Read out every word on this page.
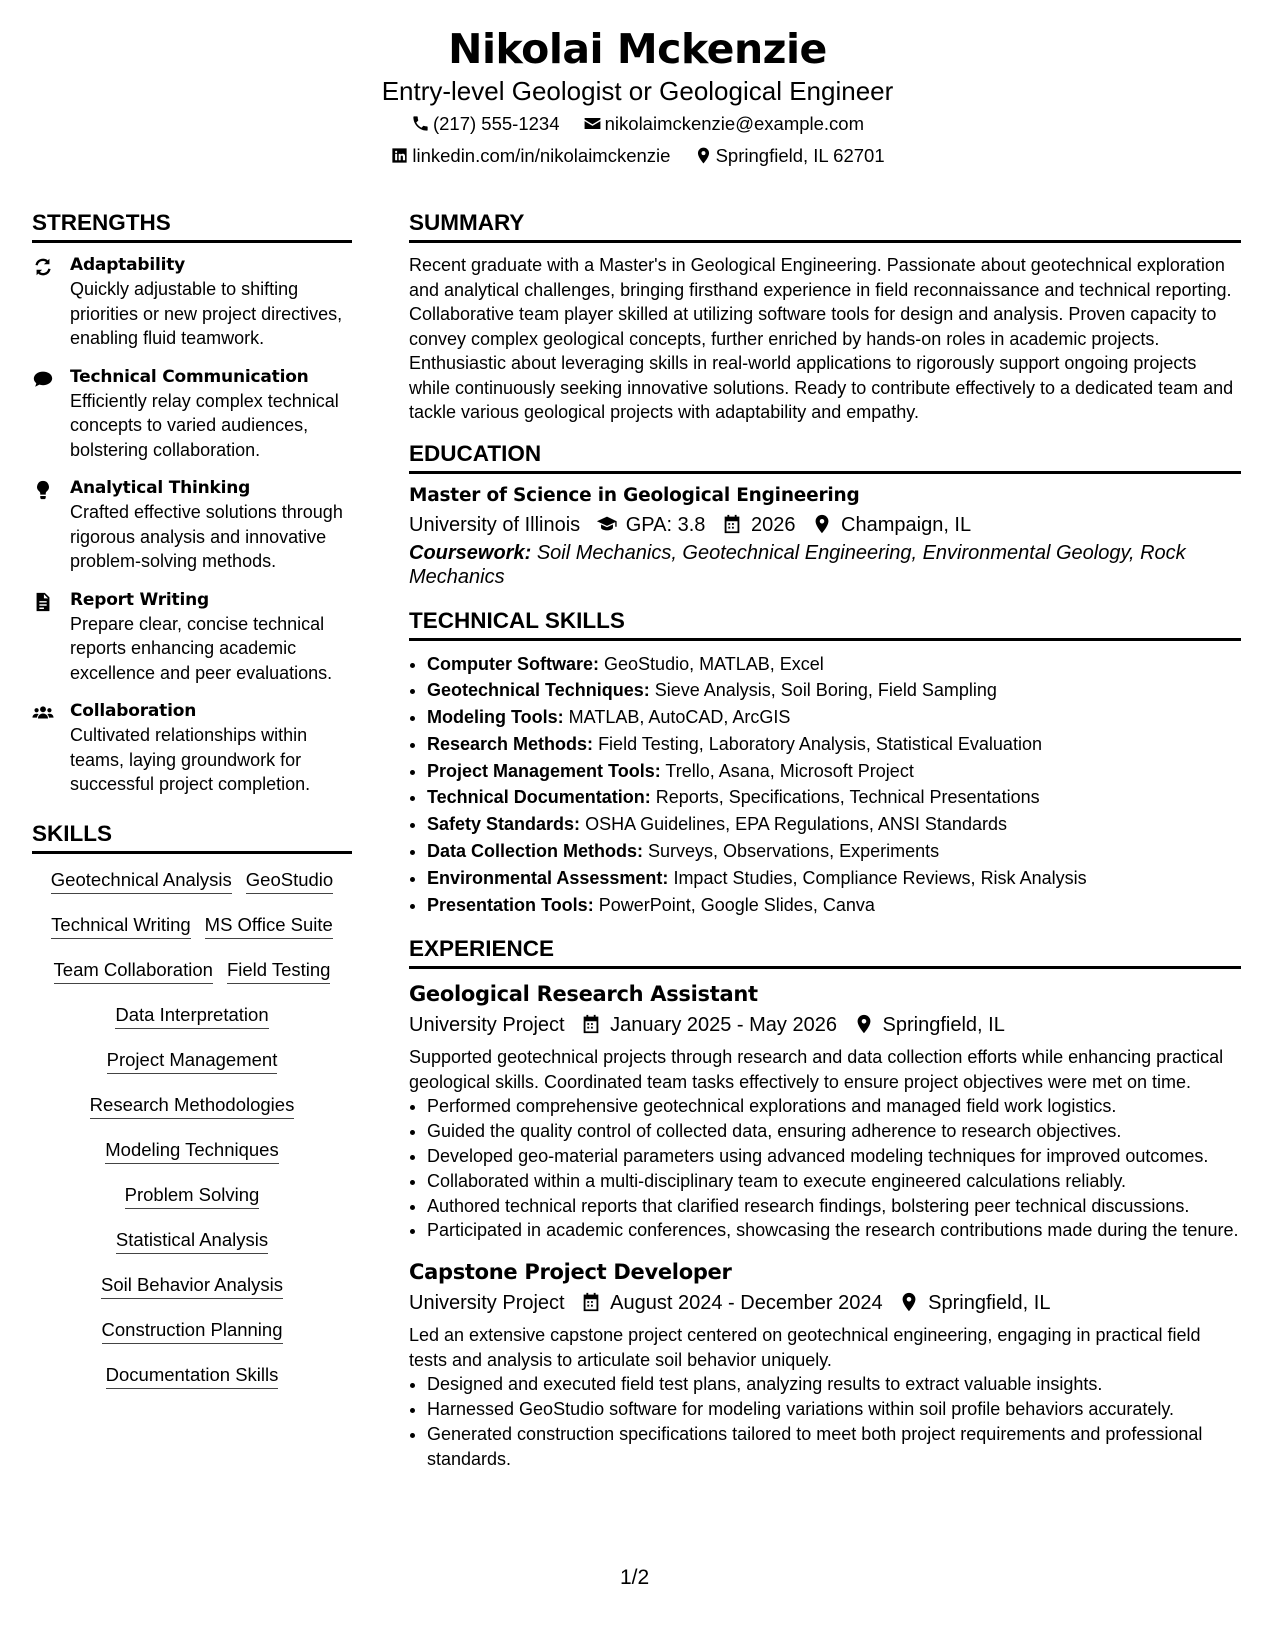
Nikolai Mckenzie
Entry-level Geologist or Geological Engineer
(217) 555-1234 nikolaimckenzie@example.com
linkedin.com/in/nikolaimckenzie Springfield, IL 62701
STRENGTHS
Adaptability
Quickly adjustable to shifting priorities or new project directives, enabling fluid teamwork.
Technical Communication
Efficiently relay complex technical concepts to varied audiences, bolstering collaboration.
Analytical Thinking
Crafted effective solutions through rigorous analysis and innovative problem-solving methods.
Report Writing
Prepare clear, concise technical reports enhancing academic excellence and peer evaluations.
Collaboration
Cultivated relationships within teams, laying groundwork for successful project completion.
SKILLS
Geotechnical Analysis GeoStudio
Technical Writing MS Office Suite
Team Collaboration Field Testing
Data Interpretation
Project Management
Research Methodologies
Modeling Techniques
Problem Solving
Statistical Analysis
Soil Behavior Analysis
Construction Planning
Documentation Skills
SUMMARY
Recent graduate with a Master's in Geological Engineering. Passionate about geotechnical exploration and analytical challenges, bringing firsthand experience in field reconnaissance and technical reporting. Collaborative team player skilled at utilizing software tools for design and analysis. Proven capacity to convey complex geological concepts, further enriched by hands-on roles in academic projects. Enthusiastic about leveraging skills in real-world applications to rigorously support ongoing projects while continuously seeking innovative solutions. Ready to contribute effectively to a dedicated team and tackle various geological projects with adaptability and empathy.
EDUCATION
Master of Science in Geological Engineering
University of Illinois GPA: 3.8 2026 Champaign, IL
Coursework: Soil Mechanics, Geotechnical Engineering, Environmental Geology, Rock Mechanics
TECHNICAL SKILLS
• Computer Software: GeoStudio, MATLAB, Excel
• Geotechnical Techniques: Sieve Analysis, Soil Boring, Field Sampling
• Modeling Tools: MATLAB, AutoCAD, ArcGIS
• Research Methods: Field Testing, Laboratory Analysis, Statistical Evaluation
• Project Management Tools: Trello, Asana, Microsoft Project
• Technical Documentation: Reports, Specifications, Technical Presentations
• Safety Standards: OSHA Guidelines, EPA Regulations, ANSI Standards
• Data Collection Methods: Surveys, Observations, Experiments
• Environmental Assessment: Impact Studies, Compliance Reviews, Risk Analysis
• Presentation Tools: PowerPoint, Google Slides, Canva
EXPERIENCE
Geological Research Assistant
University Project January 2025 - May 2026 Springfield, IL
Supported geotechnical projects through research and data collection efforts while enhancing practical geological skills. Coordinated team tasks effectively to ensure project objectives were met on time.
• Performed comprehensive geotechnical explorations and managed field work logistics.
• Guided the quality control of collected data, ensuring adherence to research objectives.
• Developed geo-material parameters using advanced modeling techniques for improved outcomes.
• Collaborated within a multi-disciplinary team to execute engineered calculations reliably.
• Authored technical reports that clarified research findings, bolstering peer technical discussions.
• Participated in academic conferences, showcasing the research contributions made during the tenure.
Capstone Project Developer
University Project August 2024 - December 2024 Springfield, IL
Led an extensive capstone project centered on geotechnical engineering, engaging in practical field tests and analysis to articulate soil behavior uniquely.
• Designed and executed field test plans, analyzing results to extract valuable insights.
• Harnessed GeoStudio software for modeling variations within soil profile behaviors accurately.
• Generated construction specifications tailored to meet both project requirements and professional standards.
1/2
